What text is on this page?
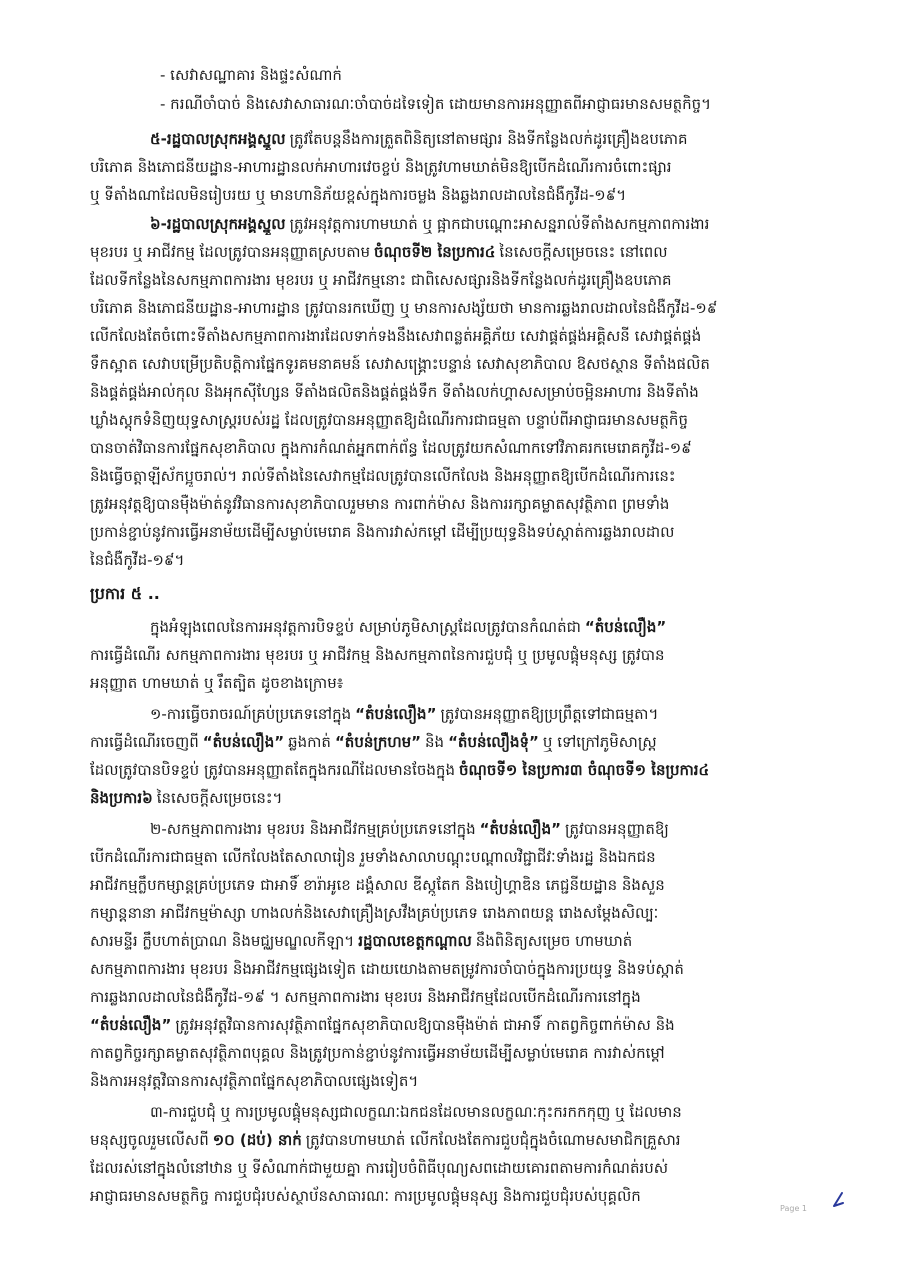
- សេវាសណ្ឋាគារ និងផ្ទះសំណាក់
- ករណីចាំបាច់ និងសេវាសាធារណៈចាំបាច់ដទៃទៀត ដោយមានការអនុញ្ញាតពីអាជ្ញាធរមានសមត្ថកិច្ច។
៥-រដ្ឋបាលស្រុកអង្គស្នួល ត្រូវតែបន្តនឹងការត្រួតពិនិត្យនៅតាមផ្សារ និងទីកន្លែងលក់ដូរគ្រឿងឧបភោគ
បរិភោគ និងភោជនីយដ្ឋាន-អាហារដ្ឋានលក់អាហារវេចខ្ចប់ និងត្រូវហាមឃាត់មិនឱ្យបើកដំណើរការចំពោះផ្សារ
ឬ ទីតាំងណាដែលមិនរៀបរយ ឬ មានហានិភ័យខ្ពស់ក្នុងការចម្លង និងឆ្លងរាលដាលនៃជំងឺកូវីដ-១៩។
៦-រដ្ឋបាលស្រុកអង្គស្នួល ត្រូវអនុវត្តការហាមឃាត់ ឬ ផ្អាកជាបណ្ដោះអាសន្នរាល់ទីតាំងសកម្មភាពការងារ
មុខរបរ ឬ អាជីវកម្ម ដែលត្រូវបានអនុញ្ញាតស្របតាម ចំណុចទី២ នៃប្រការ៤ នៃសេចក្ដីសម្រេចនេះ នៅពេល
ដែលទីកន្លែងនៃសកម្មភាពការងារ មុខរបរ ឬ អាជីវកម្មនោះ ជាពិសេសផ្សារនិងទីកន្លែងលក់ដូរគ្រឿងឧបភោគ
បរិភោគ និងភោជនីយដ្ឋាន-អាហារដ្ឋាន ត្រូវបានរកឃើញ ឬ មានការសង្ស័យថា មានការឆ្លងរាលដាលនៃជំងឺកូវីដ-១៩
លើកលែងតែចំពោះទីតាំងសកម្មភាពការងារដែលទាក់ទងនឹងសេវាពន្លត់អគ្គិភ័យ សេវាផ្គត់ផ្គង់អគ្គិសនី សេវាផ្គត់ផ្គង់
ទឹកស្អាត សេវាបម្រើប្រតិបត្តិការផ្នែកទូរគមនាគមន៍ សេវាសង្គ្រោះបន្ទាន់ សេវាសុខាភិបាល ឱសថស្ថាន ទីតាំងផលិត
និងផ្គត់ផ្គង់អាល់កុល និងអុកស៊ីហ្សែន ទីតាំងផលិតនិងផ្គត់ផ្គង់ទឹក ទីតាំងលក់ហ្គាសសម្រាប់ចម្អិនអាហារ និងទីតាំង
ឃ្លាំងស្តុកទំនិញយុទ្ធសាស្ត្ររបស់រដ្ឋ ដែលត្រូវបានអនុញ្ញាតឱ្យដំណើរការជាធម្មតា បន្ទាប់ពីអាជ្ញាធរមានសមត្ថកិច្ច
បានចាត់វិធានការផ្នែកសុខាភិបាល ក្នុងការកំណត់អ្នកពាក់ព័ន្ធ ដែលត្រូវយកសំណាកទៅវិភាគរកមេរោគកូវីដ-១៩
និងធ្វើចត្តាឡីស័កប្អូចរាល់។ រាល់ទីតាំងនៃសេវាកម្មដែលត្រូវបានលើកលែង និងអនុញ្ញាតឱ្យបើកដំណើរការនេះ
ត្រូវអនុវត្តឱ្យបានម៉ឺងម៉ាត់នូវវិធានការសុខាភិបាលរួមមាន ការពាក់ម៉ាស និងការរក្សាគម្លាតសុវត្ថិភាព ព្រមទាំង
ប្រកាន់ខ្ជាប់នូវការធ្វើអនាម័យដើម្បីសម្លាប់មេរោគ និងការវាស់កម្ដៅ ដើម្បីប្រយុទ្ធនិងទប់ស្កាត់ការឆ្លងរាលដាល
នៃជំងឺកូវីដ-១៩។
ប្រការ ៥ ..
ក្នុងអំឡុងពេលនៃការអនុវត្តការបិទខ្ទប់ សម្រាប់ភូមិសាស្ត្រដែលត្រូវបានកំណត់ជា “តំបន់លឿង”
ការធ្វើដំណើរ សកម្មភាពការងារ មុខរបរ ឬ អាជីវកម្ម និងសកម្មភាពនៃការជួបជុំ ឬ ប្រមូលផ្ដុំមនុស្ស ត្រូវបាន
អនុញ្ញាត ហាមឃាត់ ឬ រឹតត្បិត ដូចខាងក្រោម៖
១-ការធ្វើចរាចរណ៍គ្រប់ប្រភេទនៅក្នុង “តំបន់លឿង” ត្រូវបានអនុញ្ញាតឱ្យប្រព្រឹត្តទៅជាធម្មតា។
ការធ្វើដំណើរចេញពី “តំបន់លឿង” ឆ្លងកាត់ “តំបន់ក្រហម” និង “តំបន់លឿងទុំ” ឬ ទៅក្រៅភូមិសាស្ត្រ
ដែលត្រូវបានបិទខ្ទប់ ត្រូវបានអនុញ្ញាតតែក្នុងករណីដែលមានចែងក្នុង ចំណុចទី១ នៃប្រការ៣ ចំណុចទី១ នៃប្រការ៤
និងប្រការ៦ នៃសេចក្ដីសម្រេចនេះ។
២-សកម្មភាពការងារ មុខរបរ និងអាជីវកម្មគ្រប់ប្រភេទនៅក្នុង “តំបន់លឿង” ត្រូវបានអនុញ្ញាតឱ្យ
បើកដំណើរការជាធម្មតា លើកលែងតែសាលារៀន រួមទាំងសាលាបណ្ដុះបណ្ដាលវិជ្ជាជីវៈទាំងរដ្ឋ និងឯកជន
អាជីវកម្មក្លឹបកម្សាន្តគ្រប់ប្រភេទ ជាអាទិ៍ ខារ៉ាអូខេ ដង្គំសាល ឌីស្កូតែក និងបៀហ្គាឌិន ភេជ្ជនីយដ្ឋាន និងសួន
កម្សាន្តនានា អាជីវកម្មម៉ាស្សា ហាងលក់និងសេវាគ្រឿងស្រវឹងគ្រប់ប្រភេទ រោងភាពយន្ត រោងសម្ដែងសិល្បៈ
សារមន្ទីរ ក្លឹបហាត់ប្រាណ និងមជ្ឈមណ្ឌលកីឡា។ រដ្ឋបាលខេត្តកណ្ដាល នឹងពិនិត្យសម្រេច ហាមឃាត់
សកម្មភាពការងារ មុខរបរ និងអាជីវកម្មផ្សេងទៀត ដោយយោងតាមតម្រូវការចាំបាច់ក្នុងការប្រយុទ្ធ និងទប់ស្កាត់
ការឆ្លងរាលដាលនៃជំងឺកូវីដ-១៩ ។ សកម្មភាពការងារ មុខរបរ និងអាជីវកម្មដែលបើកដំណើរការនៅក្នុង
“តំបន់លឿង” ត្រូវអនុវត្តវិធានការសុវត្ថិភាពផ្នែកសុខាភិបាលឱ្យបានម៉ឺងម៉ាត់ ជាអាទិ៍ កាតព្វកិច្ចពាក់ម៉ាស និង
កាតព្វកិច្ចរក្សាគម្លាតសុវត្ថិភាពបុគ្គល និងត្រូវប្រកាន់ខ្ជាប់នូវការធ្វើអនាម័យដើម្បីសម្លាប់មេរោគ ការវាស់កម្ដៅ
និងការអនុវត្តវិធានការសុវត្ថិភាពផ្នែកសុខាភិបាលផ្សេងទៀត។
៣-ការជួបជុំ ឬ ការប្រមូលផ្ដុំមនុស្សជាលក្ខណៈឯកជនដែលមានលក្ខណៈកុះករកកកុញ ឬ ដែលមាន
មនុស្សចូលរួមលើសពី ១០ (ដប់) នាក់ ត្រូវបានហាមឃាត់ លើកលែងតែការជួបជុំក្នុងចំណោមសមាជិកគ្រួសារ
ដែលរស់នៅក្នុងលំនៅឋាន ឬ ទីសំណាក់ជាមួយគ្នា ការរៀបចំពិធីបុណ្យសពដោយគោរពតាមការកំណត់របស់
អាជ្ញាធរមានសមត្ថកិច្ច ការជួបជុំរបស់ស្ថាប័នសាធារណៈ ការប្រមូលផ្ដុំមនុស្ស និងការជួបជុំរបស់បុគ្គលិក
Page 1
